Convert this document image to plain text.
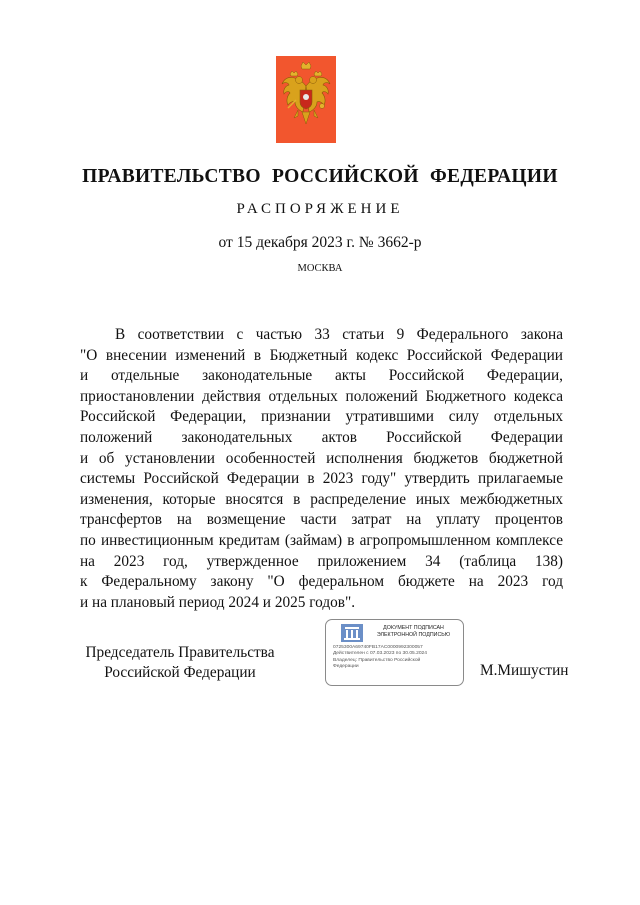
ПРАВИТЕЛЬСТВО РОССИЙСКОЙ ФЕДЕРАЦИИ
РАСПОРЯЖЕНИЕ
от 15 декабря 2023 г. № 3662-р
МОСКВА
В соответствии с частью 33 статьи 9 Федерального закона
"О внесении изменений в Бюджетный кодекс Российской Федерации
и отдельные законодательные акты Российской Федерации,
приостановлении действия отдельных положений Бюджетного кодекса
Российской Федерации, признании утратившими силу отдельных
положений законодательных актов Российской Федерации
и об установлении особенностей исполнения бюджетов бюджетной
системы Российской Федерации в 2023 году" утвердить прилагаемые
изменения, которые вносятся в распределение иных межбюджетных
трансфертов на возмещение части затрат на уплату процентов
по инвестиционным кредитам (займам) в агропромышленном комплексе
на 2023 год, утвержденное приложением 34 (таблица 138)
к Федеральному закону "О федеральном бюджете на 2023 год
и на плановый период 2024 и 2025 годов".
Председатель Правительства
Российской Федерации
ДОКУМЕНТ ПОДПИСАН
ЭЛЕКТРОННОЙ ПОДПИСЬЮ
0725300A69740FB17AC0000992300057
Действителен с 07.03.2023 по 30.05.2024
Владелец: Правительство Российской
Федерации	М.Мишустин
